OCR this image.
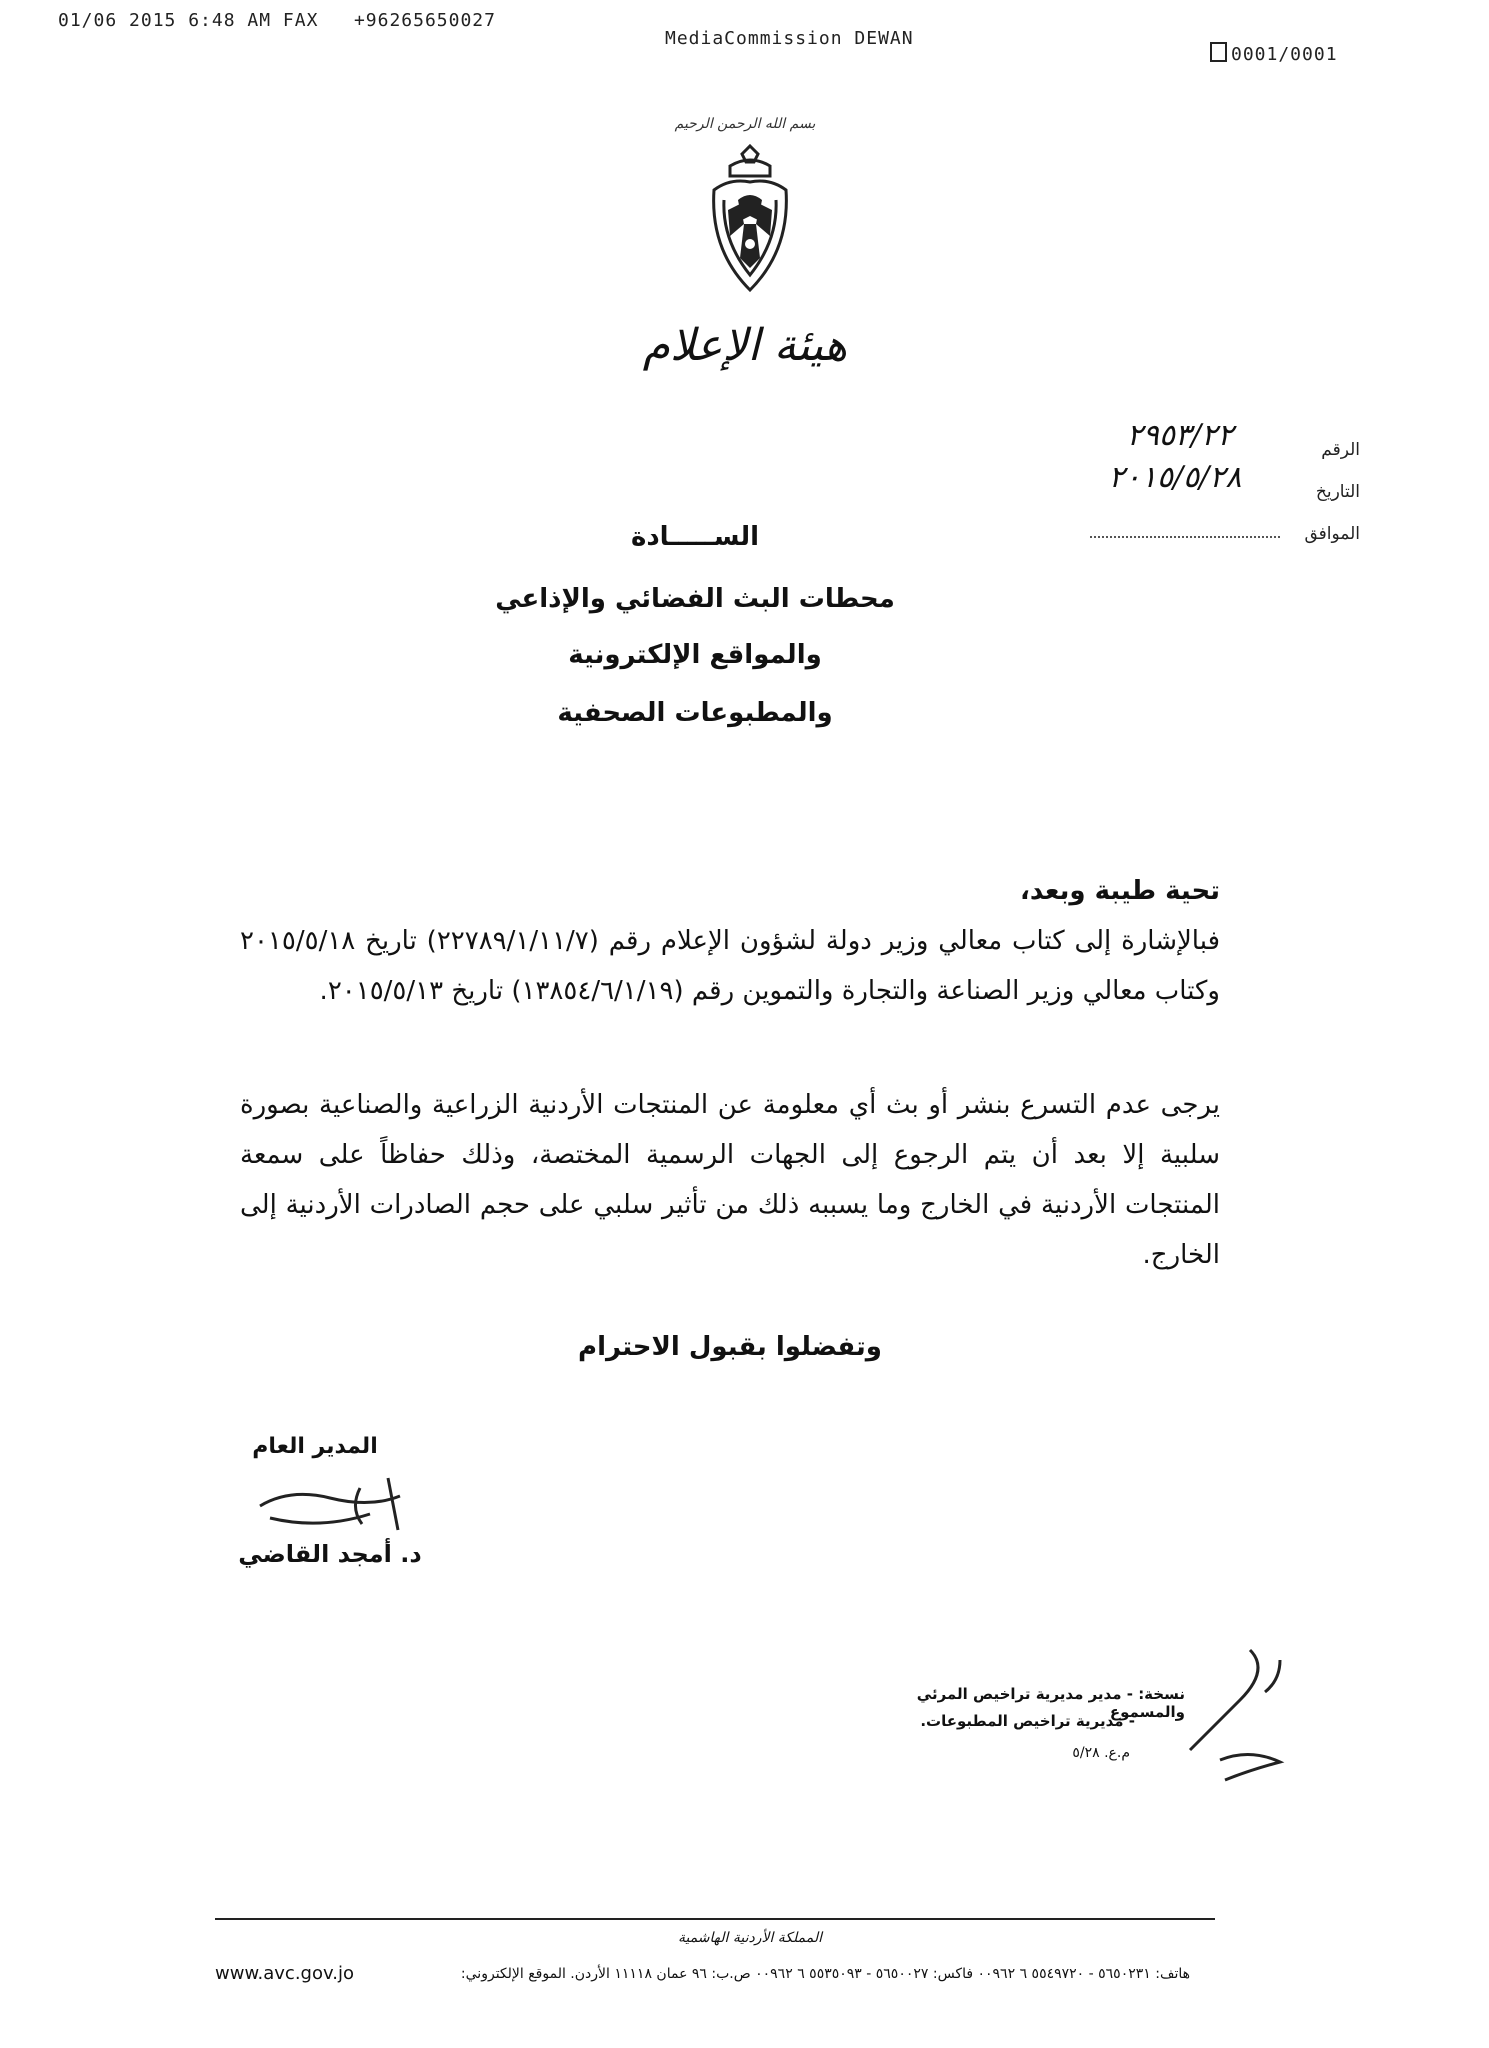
01/06 2015 6:48 AM FAX +96265650027
MediaCommission DEWAN
0001/0001
بسم الله الرحمن الرحيم
هيئة الإعلام
الرقم
٢٩٥٣/٢٢
التاريخ
٢٠١٥/٥/٢٨
الموافق
الســـــادة
محطات البث الفضائي والإذاعي
والمواقع الإلكترونية
والمطبوعات الصحفية
تحية طيبة وبعد،
فبالإشارة إلى كتاب معالي وزير دولة لشؤون الإعلام رقم (٢٢٧٨٩/١/١١/٧) تاريخ ٢٠١٥/٥/١٨ وكتاب معالي وزير الصناعة والتجارة والتموين رقم (١٣٨٥٤/٦/١/١٩) تاريخ ٢٠١٥/٥/١٣.
يرجى عدم التسرع بنشر أو بث أي معلومة عن المنتجات الأردنية الزراعية والصناعية بصورة سلبية إلا بعد أن يتم الرجوع إلى الجهات الرسمية المختصة، وذلك حفاظاً على سمعة المنتجات الأردنية في الخارج وما يسببه ذلك من تأثير سلبي على حجم الصادرات الأردنية إلى الخارج.
وتفضلوا بقبول الاحترام
المدير العام
د. أمجد القاضي
نسخة: - مدير مديرية تراخيص المرئي والمسموع
- مديرية تراخيص المطبوعات.
م.ع. ٥/٢٨
المملكة الأردنية الهاشمية
هاتف: ٥٦٥٠٢٣١ - ٥٥٤٩٧٢٠ ٦ ٠٠٩٦٢ فاكس: ٥٦٥٠٠٢٧ - ٥٥٣٥٠٩٣ ٦ ٠٠٩٦٢ ص.ب: ٩٦ عمان ١١١١٨ الأردن. الموقع الإلكتروني:
www.avc.gov.jo
